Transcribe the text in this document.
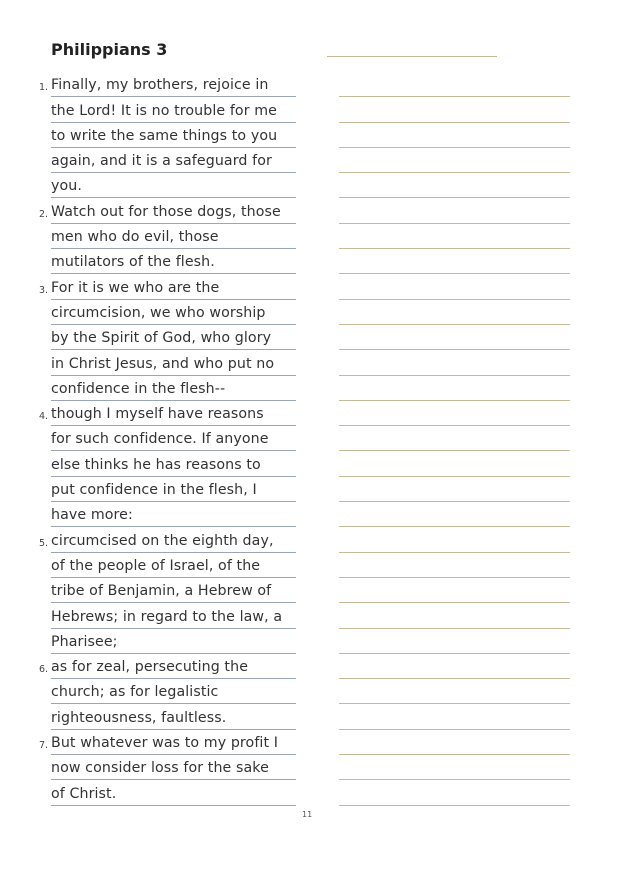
Philippians 3
1. Finally, my brothers, rejoice in
the Lord! It is no trouble for me
to write the same things to you
again, and it is a safeguard for
you.
2. Watch out for those dogs, those
men who do evil, those
mutilators of the flesh.
3. For it is we who are the
circumcision, we who worship
by the Spirit of God, who glory
in Christ Jesus, and who put no
confidence in the flesh--
4. though I myself have reasons
for such confidence. If anyone
else thinks he has reasons to
put confidence in the flesh, I
have more:
5. circumcised on the eighth day,
of the people of Israel, of the
tribe of Benjamin, a Hebrew of
Hebrews; in regard to the law, a
Pharisee;
6. as for zeal, persecuting the
church; as for legalistic
righteousness, faultless.
7. But whatever was to my profit I
now consider loss for the sake
of Christ.
11
